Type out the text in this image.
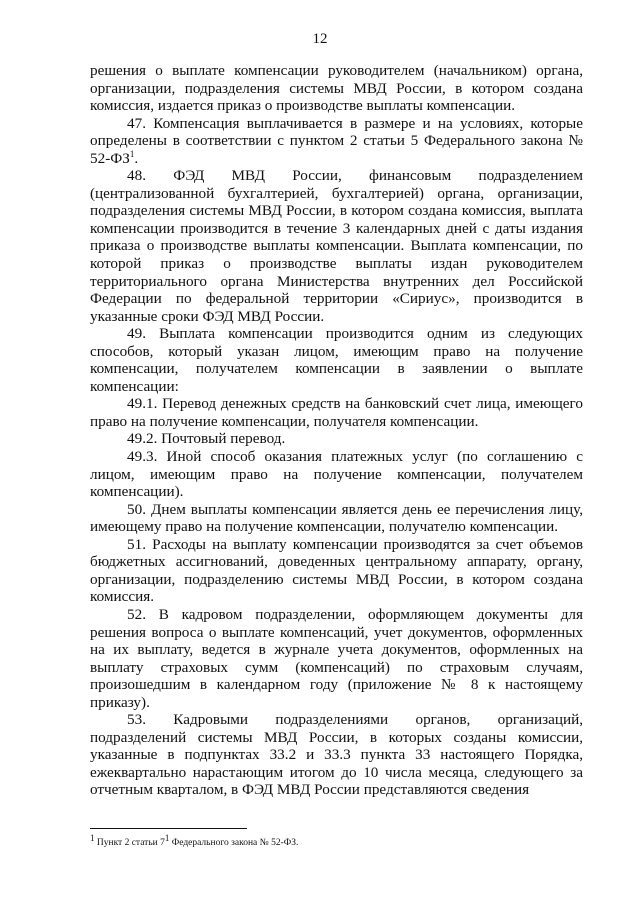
12

решения о выплате компенсации руководителем (начальником) органа, организации, подразделения системы МВД России, в котором создана комиссия, издается приказ о производстве выплаты компенсации.

47. Компенсация выплачивается в размере и на условиях, которые определены в соответствии с пунктом 2 статьи 5 Федерального закона № $52-ФЗ^1$.

48. ФЭД МВД России, финансовым подразделением (централизованной бухгалтерией, бухгалтерией) органа, организации, подразделения системы МВД России, в котором создана комиссия, выплата компенсации производится в течение 3 календарных дней с даты издания приказа о производстве выплаты компенсации. Выплата компенсации, по которой приказ о производстве выплаты издан руководителем территориального органа Министерства внутренних дел Российской Федерации по федеральной территории «Сириус», производится в указанные сроки ФЭД МВД России.

49. Выплата компенсации производится одним из следующих способов, который указан лицом, имеющим право на получение компенсации, получателем компенсации в заявлении о выплате компенсации:

49.1. Перевод денежных средств на банковский счет лица, имеющего право на получение компенсации, получателя компенсации.

49.2. Почтовый перевод.

49.3. Иной способ оказания платежных услуг (по соглашению с лицом, имеющим право на получение компенсации, получателем компенсации).

50. Днем выплаты компенсации является день ее перечисления лицу, имеющему право на получение компенсации, получателю компенсации.

51. Расходы на выплату компенсации производятся за счет объемов бюджетных ассигнований, доведенных центральному аппарату, органу, организации, подразделению системы МВД России, в котором создана комиссия.

52. В кадровом подразделении, оформляющем документы для решения вопроса о выплате компенсаций, учет документов, оформленных на их выплату, ведется в журнале учета документов, оформленных на выплату страховых сумм (компенсаций) по страховым случаям, произошедшим в календарном году (приложение № 8 к настоящему приказу).

53. Кадровыми подразделениями органов, организаций, подразделений системы МВД России, в которых созданы комиссии, указанные в подпунктах 33.2 и 33.3 пункта 33 настоящего Порядка, ежеквартально нарастающим итогом до 10 числа месяца, следующего за отчетным кварталом, в ФЭД МВД России представляются сведения

$^1$ Пункт 2 статьи $7^1$ Федерального закона № 52-ФЗ.
